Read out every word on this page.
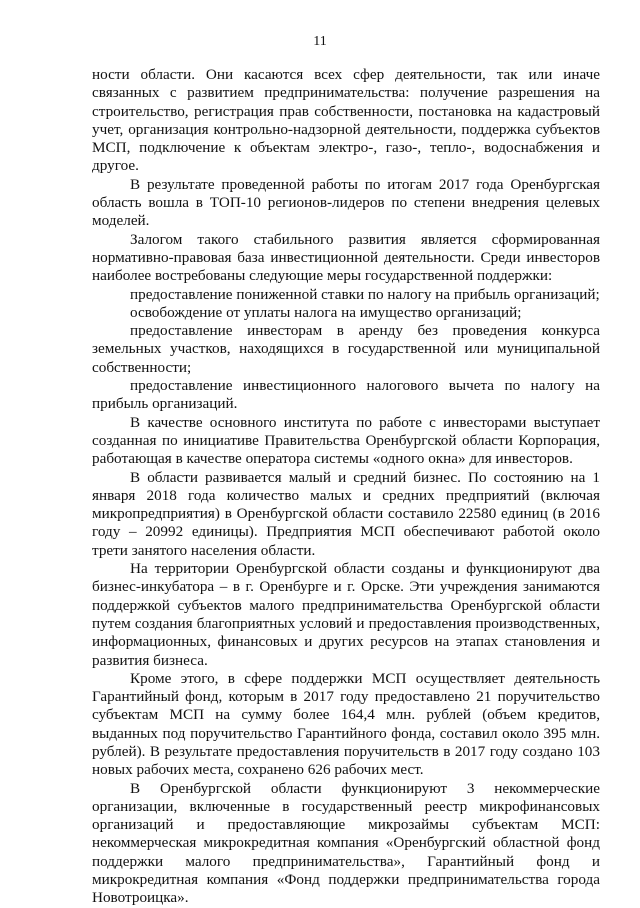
11

ности области. Они касаются всех сфер деятельности, так или иначе связанных с развитием предпринимательства: получение разрешения на строительство, регистрация прав собственности, постановка на кадастровый учет, организация контрольно-надзорной деятельности, поддержка субъектов МСП, подключение к объектам электро-, газо-, тепло-, водоснабжения и другое.

В результате проведенной работы по итогам 2017 года Оренбургская область вошла в ТОП-10 регионов-лидеров по степени внедрения целевых моделей.

Залогом такого стабильного развития является сформированная нормативно-правовая база инвестиционной деятельности. Среди инвесторов наиболее востребованы следующие меры государственной поддержки:

предоставление пониженной ставки по налогу на прибыль организаций;

освобождение от уплаты налога на имущество организаций;

предоставление инвесторам в аренду без проведения конкурса земельных участков, находящихся в государственной или муниципальной собственности;

предоставление инвестиционного налогового вычета по налогу на прибыль организаций.

В качестве основного института по работе с инвесторами выступает созданная по инициативе Правительства Оренбургской области Корпорация, работающая в качестве оператора системы «одного окна» для инвесторов.

В области развивается малый и средний бизнес. По состоянию на 1 января 2018 года количество малых и средних предприятий (включая микропредприятия) в Оренбургской области составило 22580 единиц (в 2016 году – 20992 единицы). Предприятия МСП обеспечивают работой около трети занятого населения области.

На территории Оренбургской области созданы и функционируют два бизнес-инкубатора – в г. Оренбурге и г. Орске. Эти учреждения занимаются поддержкой субъектов малого предпринимательства Оренбургской области путем создания благоприятных условий и предоставления производственных, информационных, финансовых и других ресурсов на этапах становления и развития бизнеса.

Кроме этого, в сфере поддержки МСП осуществляет деятельность Гарантийный фонд, которым в 2017 году предоставлено 21 поручительство субъектам МСП на сумму более 164,4 млн. рублей (объем кредитов, выданных под поручительство Гарантийного фонда, составил около 395 млн. рублей). В результате предоставления поручительств в 2017 году создано 103 новых рабочих места, сохранено 626 рабочих мест.

В Оренбургской области функционируют 3 некоммерческие организации, включенные в государственный реестр микрофинансовых организаций и предоставляющие микрозаймы субъектам МСП: некоммерческая микрокредитная компания «Оренбургский областной фонд поддержки малого предпринимательства», Гарантийный фонд и микрокредитная компания «Фонд поддержки предпринимательства города Новотроицка».
